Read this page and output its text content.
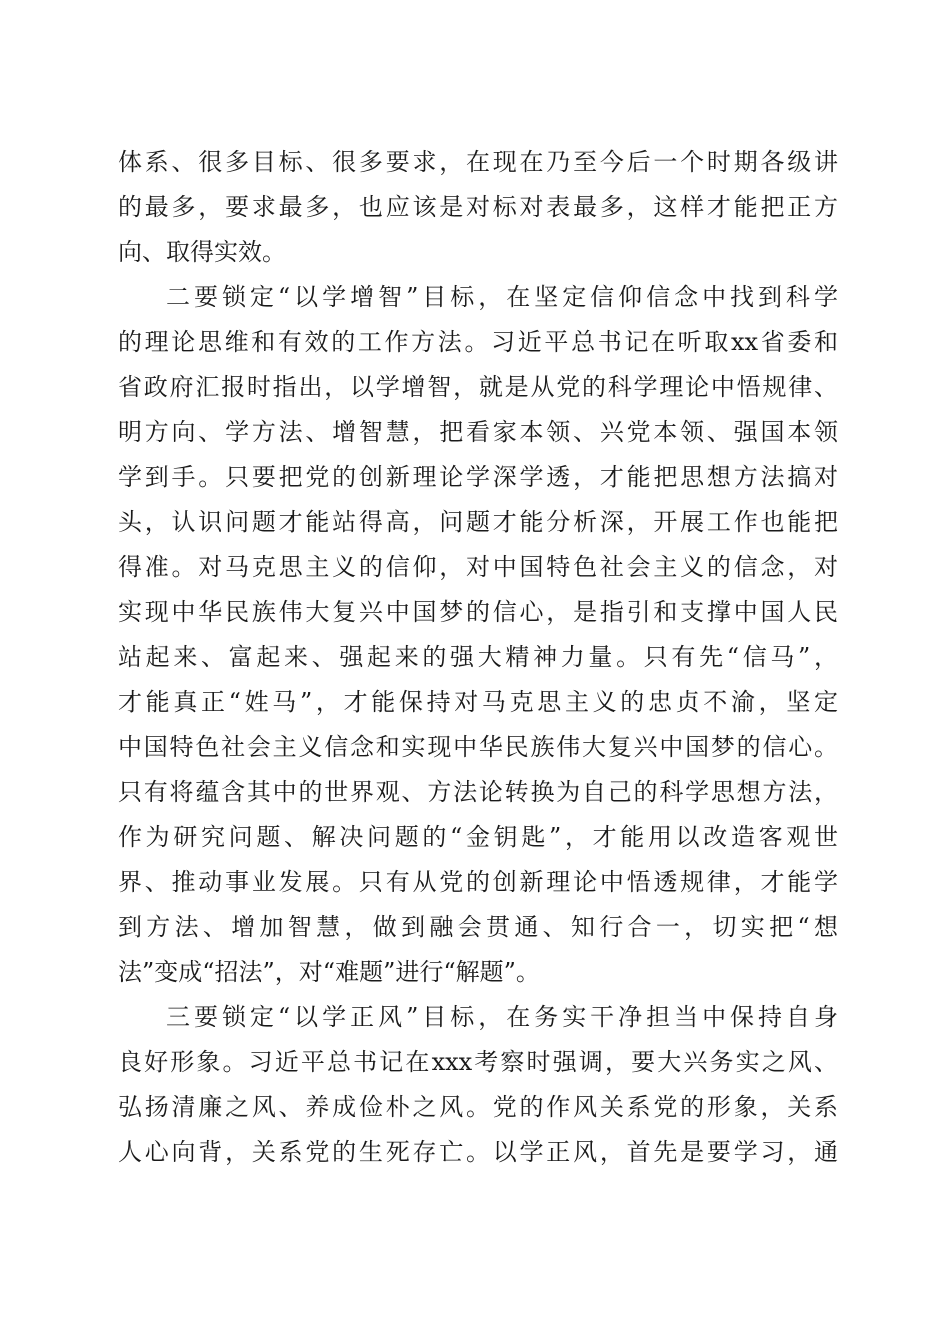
体系、很多目标、很多要求，在现在乃至今后一个时期各级讲
的最多，要求最多，也应该是对标对表最多，这样才能把正方
向、取得实效。
二要锁定“以学增智”目标，在坚定信仰信念中找到科学
的理论思维和有效的工作方法。习近平总书记在听取xx省委和
省政府汇报时指出，以学增智，就是从党的科学理论中悟规律、
明方向、学方法、增智慧，把看家本领、兴党本领、强国本领
学到手。只要把党的创新理论学深学透，才能把思想方法搞对
头，认识问题才能站得高，问题才能分析深，开展工作也能把
得准。对马克思主义的信仰，对中国特色社会主义的信念，对
实现中华民族伟大复兴中国梦的信心，是指引和支撑中国人民
站起来、富起来、强起来的强大精神力量。只有先“信马”，
才能真正“姓马”，才能保持对马克思主义的忠贞不渝，坚定
中国特色社会主义信念和实现中华民族伟大复兴中国梦的信心。
只有将蕴含其中的世界观、方法论转换为自己的科学思想方法，
作为研究问题、解决问题的“金钥匙”，才能用以改造客观世
界、推动事业发展。只有从党的创新理论中悟透规律，才能学
到方法、增加智慧，做到融会贯通、知行合一，切实把“想
法”变成“招法”，对“难题”进行“解题”。
三要锁定“以学正风”目标，在务实干净担当中保持自身
良好形象。习近平总书记在xxx考察时强调，要大兴务实之风、
弘扬清廉之风、养成俭朴之风。党的作风关系党的形象，关系
人心向背，关系党的生死存亡。以学正风，首先是要学习，通
